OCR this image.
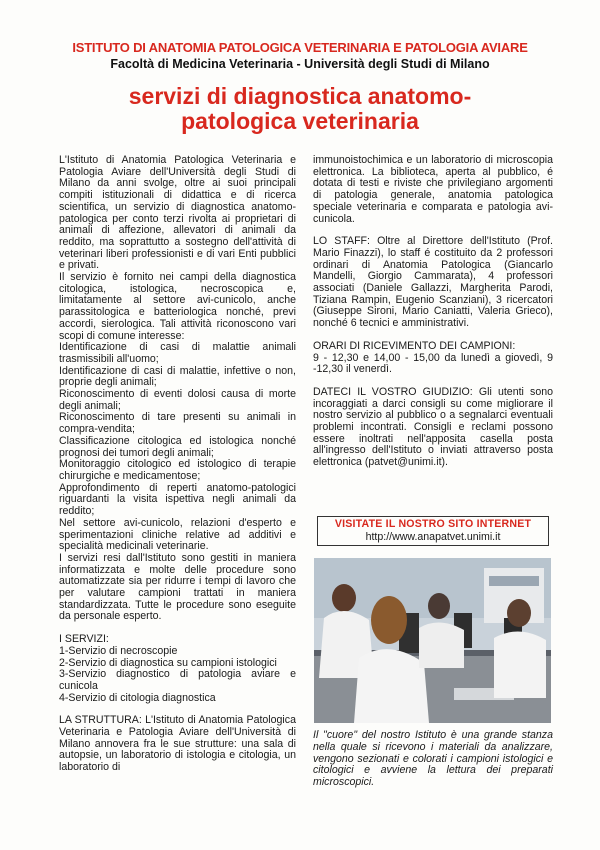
ISTITUTO DI ANATOMIA PATOLOGICA VETERINARIA E PATOLOGIA AVIARE
Facoltà di Medicina Veterinaria - Università degli Studi di Milano
servizi di diagnostica anatomo-
patologica veterinaria

L'Istituto di Anatomia Patologica Veterinaria e Patologia Aviare dell'Università degli Studi di Milano da anni svolge, oltre ai suoi principali compiti istituzionali di didattica e di ricerca scientifica, un servizio di diagnostica anatomo-patologica per conto terzi rivolta ai proprietari di animali di affezione, allevatori di animali da reddito, ma soprattutto a sostegno dell'attività di veterinari liberi professionisti e di vari Enti pubblici e privati.

Il servizio è fornito nei campi della diagnostica citologica, istologica, necroscopica e, limitatamente al settore avi-cunicolo, anche parassitologica e batteriologica nonché, previ accordi, sierologica. Tali attività riconoscono vari scopi di comune interesse:

Identificazione di casi di malattie animali trasmissibili all'uomo;

Identificazione di casi di malattie, infettive o non, proprie degli animali;

Riconoscimento di eventi dolosi causa di morte degli animali;

Riconoscimento di tare presenti su animali in compra-vendita;

Classificazione citologica ed istologica nonché prognosi dei tumori degli animali;

Monitoraggio citologico ed istologico di terapie chirurgiche e medicamentose;

Approfondimento di reperti anatomo-patologici riguardanti la visita ispettiva negli animali da reddito;

Nel settore avi-cunicolo, relazioni d'esperto e sperimentazioni cliniche relative ad additivi e specialità medicinali veterinarie.

I servizi resi dall'Istituto sono gestiti in maniera informatizzata e molte delle procedure sono automatizzate sia per ridurre i tempi di lavoro che per valutare campioni trattati in maniera standardizzata. Tutte le procedure sono eseguite da personale esperto.

I SERVIZI:

1-Servizio di necroscopie

2-Servizio di diagnostica su campioni istologici

3-Servizio diagnostico di patologia aviare e cunicola

4-Servizio di citologia diagnostica

LA STRUTTURA: L'Istituto di Anatomia Patologica Veterinaria e Patologia Aviare dell'Università di Milano annovera fra le sue strutture: una sala di autopsie, un laboratorio di istologia e citologia, un laboratorio di

immunoistochimica e un laboratorio di microscopia elettronica. La biblioteca, aperta al pubblico, é dotata di testi e riviste che privilegiano argomenti di patologia generale, anatomia patologica speciale veterinaria e comparata e patologia avi-cunicola.

LO STAFF: Oltre al Direttore dell'Istituto (Prof. Mario Finazzi), lo staff é costituito da 2 professori ordinari di Anatomia Patologica (Giancarlo Mandelli, Giorgio Cammarata), 4 professori associati (Daniele Gallazzi, Margherita Parodi, Tiziana Rampin, Eugenio Scanziani), 3 ricercatori (Giuseppe Sironi, Mario Caniatti, Valeria Grieco), nonché 6 tecnici e amministrativi.

ORARI DI RICEVIMENTO DEI CAMPIONI:

9 - 12,30 e 14,00 - 15,00 da lunedì a giovedì, 9 -12,30 il venerdì.

DATECI IL VOSTRO GIUDIZIO: Gli utenti sono incoraggiati a darci consigli su come migliorare il nostro servizio al pubblico o a segnalarci eventuali problemi incontrati. Consigli e reclami possono essere inoltrati nell'apposita casella posta all'ingresso dell'Istituto o inviati attraverso posta elettronica (patvet@unimi.it).

VISITATE IL NOSTRO SITO INTERNET
http://www.anapatvet.unimi.it
Il "cuore" del nostro Istituto è una grande stanza nella quale si ricevono i materiali da analizzare, vengono sezionati e colorati i campioni istologici e citologici e avviene la lettura dei preparati microscopici.
